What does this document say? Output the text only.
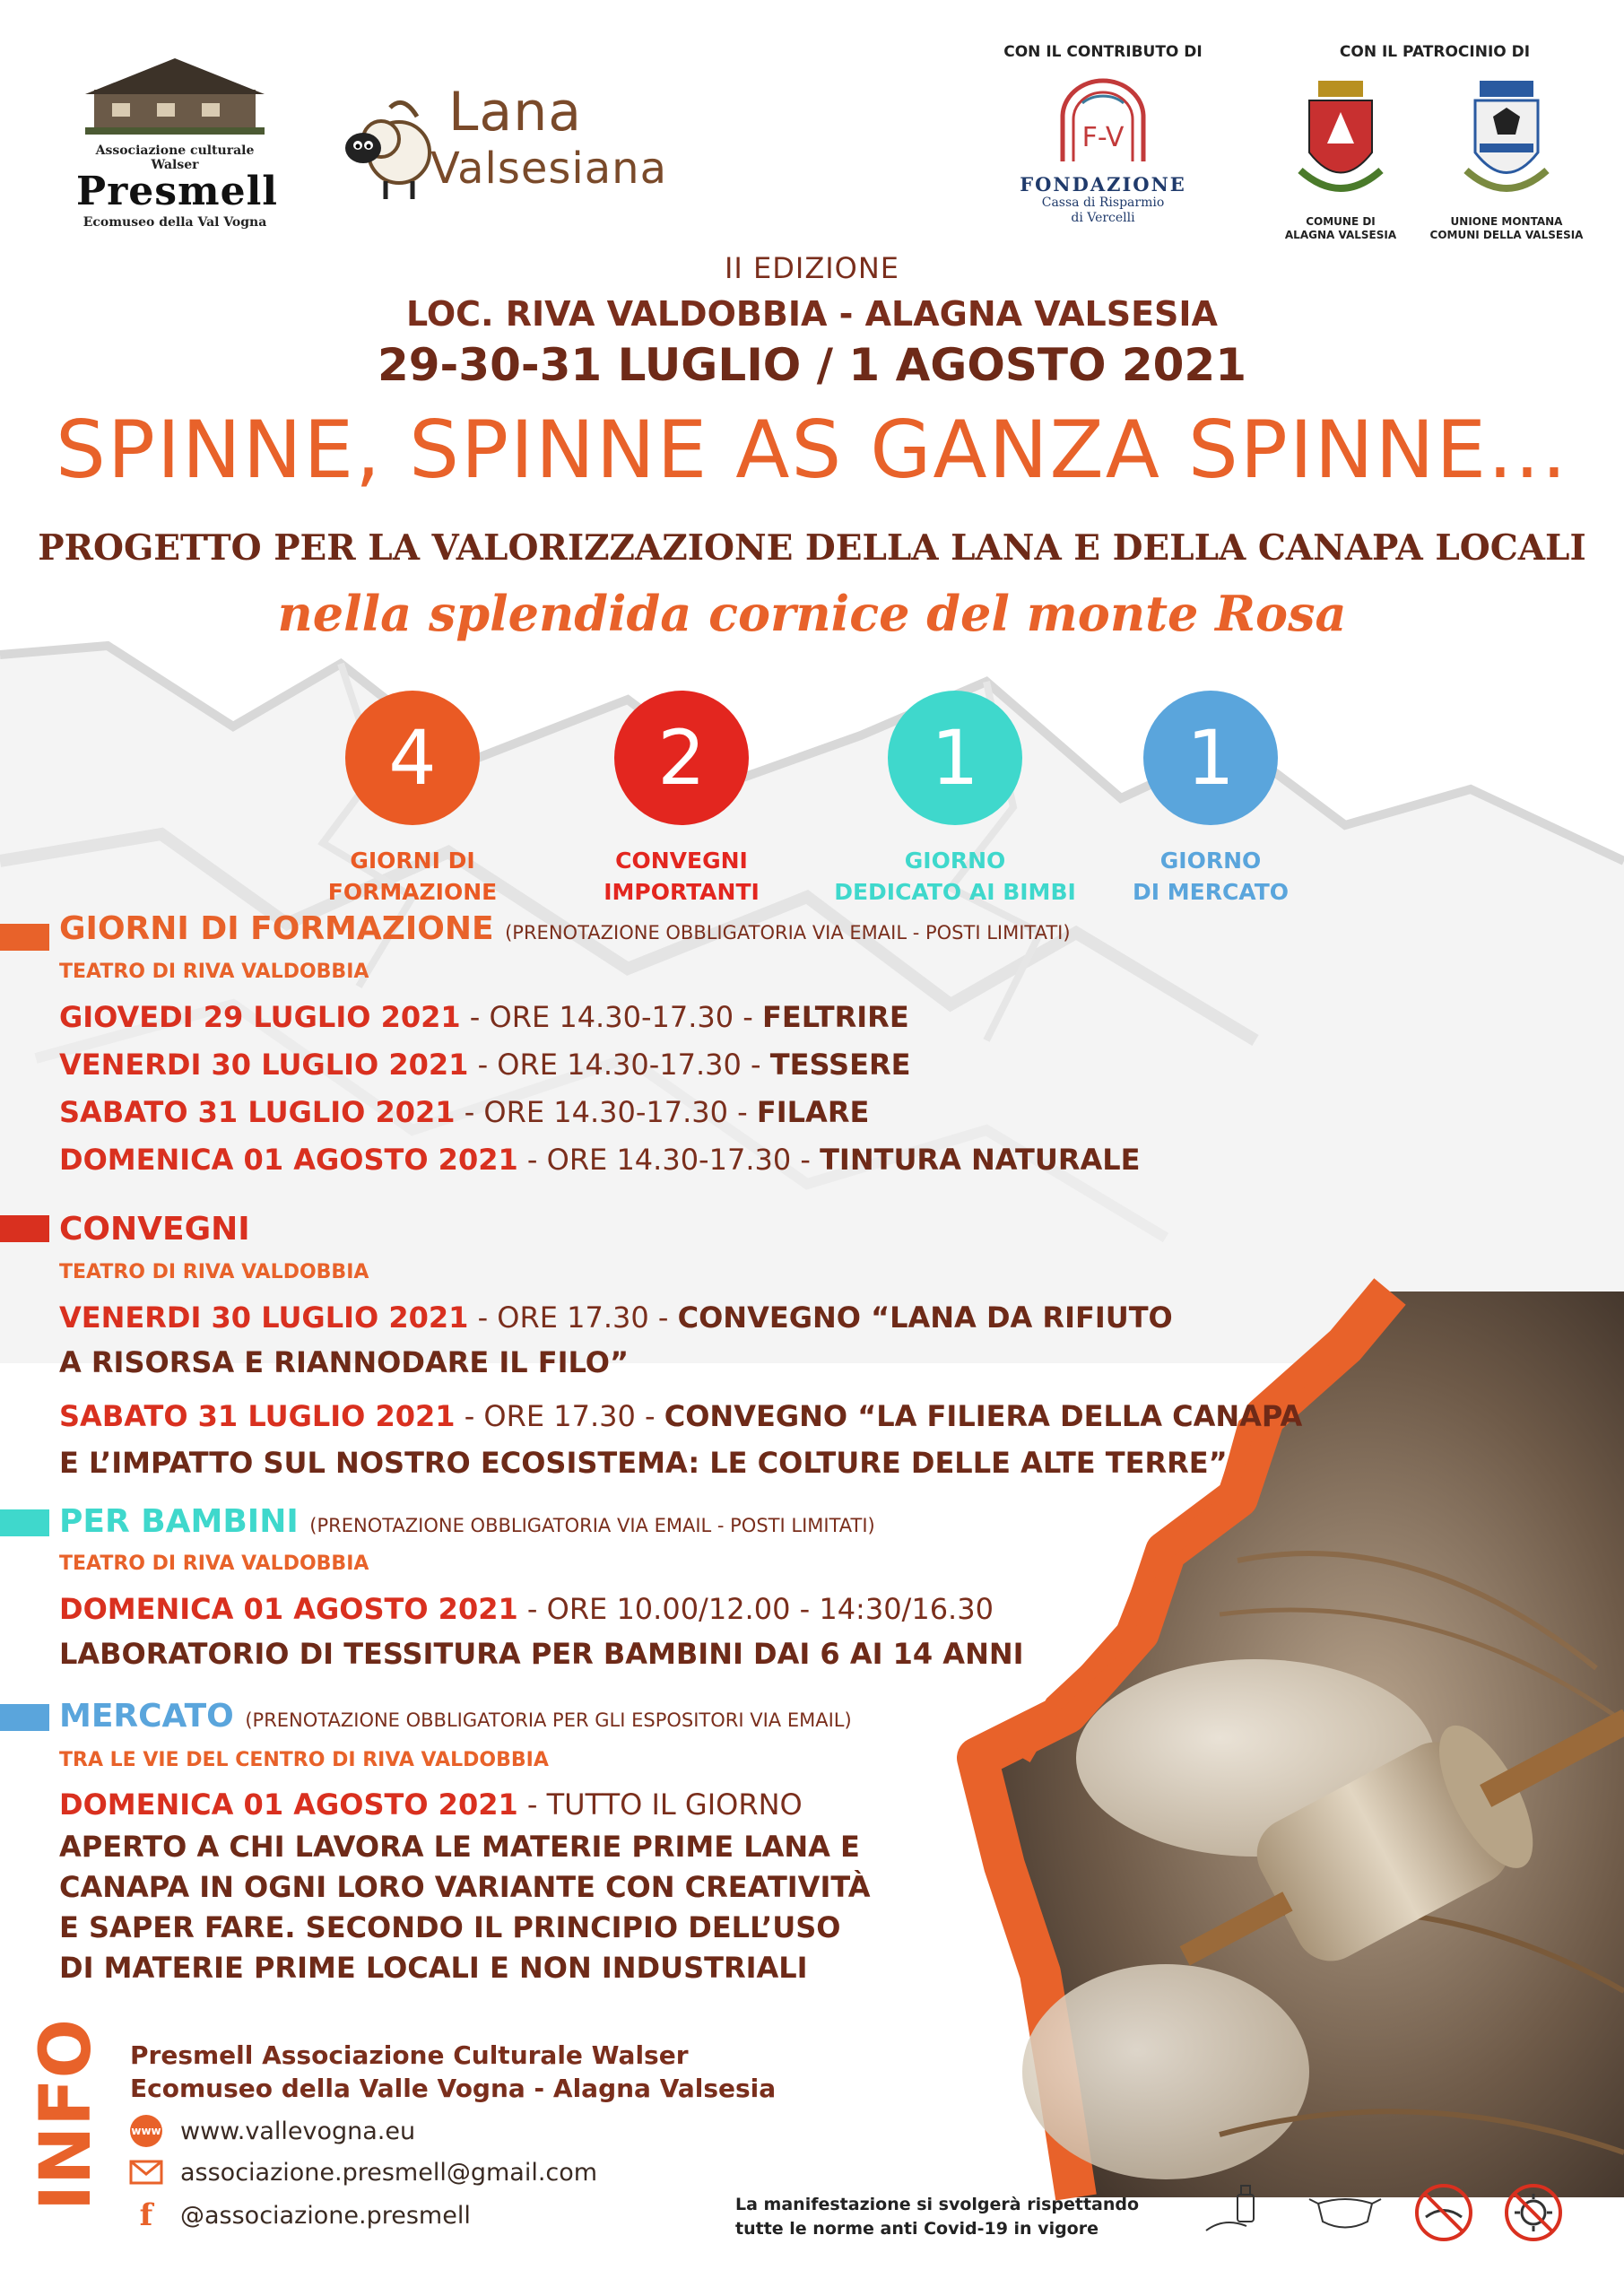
Associazione culturale Walser
Presmell
Ecomuseo della Val Vogna
Lana
Valsesiana
CON IL CONTRIBUTO DI
F-V
FONDAZIONE
Cassa di Risparmio
di Vercelli
CON IL PATROCINIO DI
COMUNE DI
ALAGNA VALSESIA
UNIONE MONTANA
COMUNI DELLA VALSESIA
II EDIZIONE
LOC. RIVA VALDOBBIA - ALAGNA VALSESIA
29-30-31 LUGLIO / 1 AGOSTO 2021
SPINNE, SPINNE AS GANZA SPINNE...
PROGETTO PER LA VALORIZZAZIONE DELLA LANA E DELLA CANAPA LOCALI
nella splendida cornice del monte Rosa
4
GIORNI DI
FORMAZIONE
2
CONVEGNI
IMPORTANTI
1
GIORNO
DEDICATO AI BIMBI
1
GIORNO
DI MERCATO
GIORNI DI FORMAZIONE (PRENOTAZIONE OBBLIGATORIA VIA EMAIL - POSTI LIMITATI)
TEATRO DI RIVA VALDOBBIA
GIOVEDI 29 LUGLIO 2021 - ORE 14.30-17.30 - FELTRIRE
VENERDI 30 LUGLIO 2021 - ORE 14.30-17.30 - TESSERE
SABATO 31 LUGLIO 2021 - ORE 14.30-17.30 - FILARE
DOMENICA 01 AGOSTO 2021 - ORE 14.30-17.30 - TINTURA NATURALE
CONVEGNI
TEATRO DI RIVA VALDOBBIA
VENERDI 30 LUGLIO 2021 - ORE 17.30 - CONVEGNO “LANA DA RIFIUTO
A RISORSA E RIANNODARE IL FILO”
SABATO 31 LUGLIO 2021 - ORE 17.30 - CONVEGNO “LA FILIERA DELLA CANAPA
E L’IMPATTO SUL NOSTRO ECOSISTEMA: LE COLTURE DELLE ALTE TERRE”
PER BAMBINI (PRENOTAZIONE OBBLIGATORIA VIA EMAIL - POSTI LIMITATI)
TEATRO DI RIVA VALDOBBIA
DOMENICA 01 AGOSTO 2021 - ORE 10.00/12.00 - 14:30/16.30
LABORATORIO DI TESSITURA PER BAMBINI DAI 6 AI 14 ANNI
MERCATO (PRENOTAZIONE OBBLIGATORIA PER GLI ESPOSITORI VIA EMAIL)
TRA LE VIE DEL CENTRO DI RIVA VALDOBBIA
DOMENICA 01 AGOSTO 2021 - TUTTO IL GIORNO
APERTO A CHI LAVORA LE MATERIE PRIME LANA E
CANAPA IN OGNI LORO VARIANTE CON CREATIVITÀ
E SAPER FARE. SECONDO IL PRINCIPIO DELL’USO
DI MATERIE PRIME LOCALI E NON INDUSTRIALI
INFO Presmell Associazione Culturale Walser
Ecomuseo della Valle Vogna - Alagna Valsesia
www www.vallevogna.eu
associazione.presmell@gmail.com
f	@associazione.presmell	La manifestazione si svolgerà rispettando
tutte le norme anti Covid-19 in vigore
